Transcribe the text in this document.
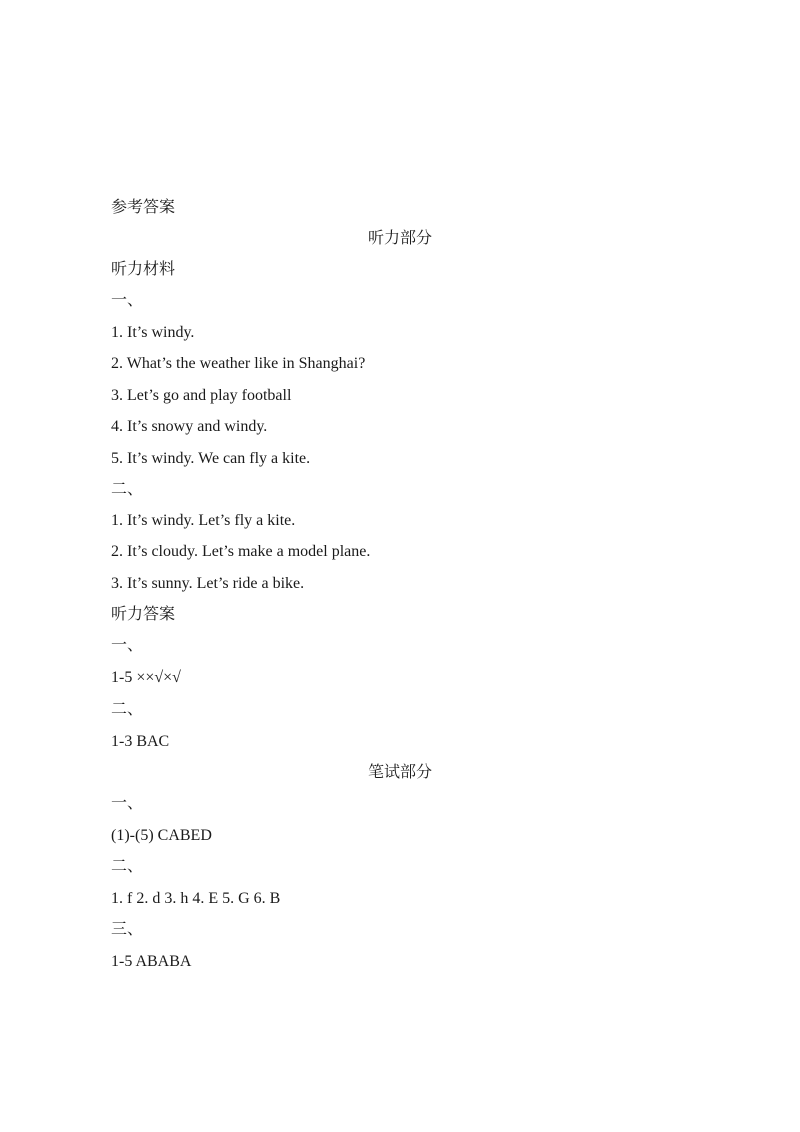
参考答案
听力部分
听力材料
一、
1. It’s windy.
2. What’s the weather like in Shanghai?
3. Let’s go and play football
4. It’s snowy and windy.
5. It’s windy. We can fly a kite.
二、
1. It’s windy. Let’s fly a kite.
2. It’s cloudy. Let’s make a model plane.
3. It’s sunny. Let’s ride a bike.
听力答案
一、
1-5 ××√×√
二、
1-3 BAC
笔试部分
一、
(1)-(5) CABED
二、
1. f 2. d 3. h 4. E 5. G 6. B
三、
1-5 ABABA
